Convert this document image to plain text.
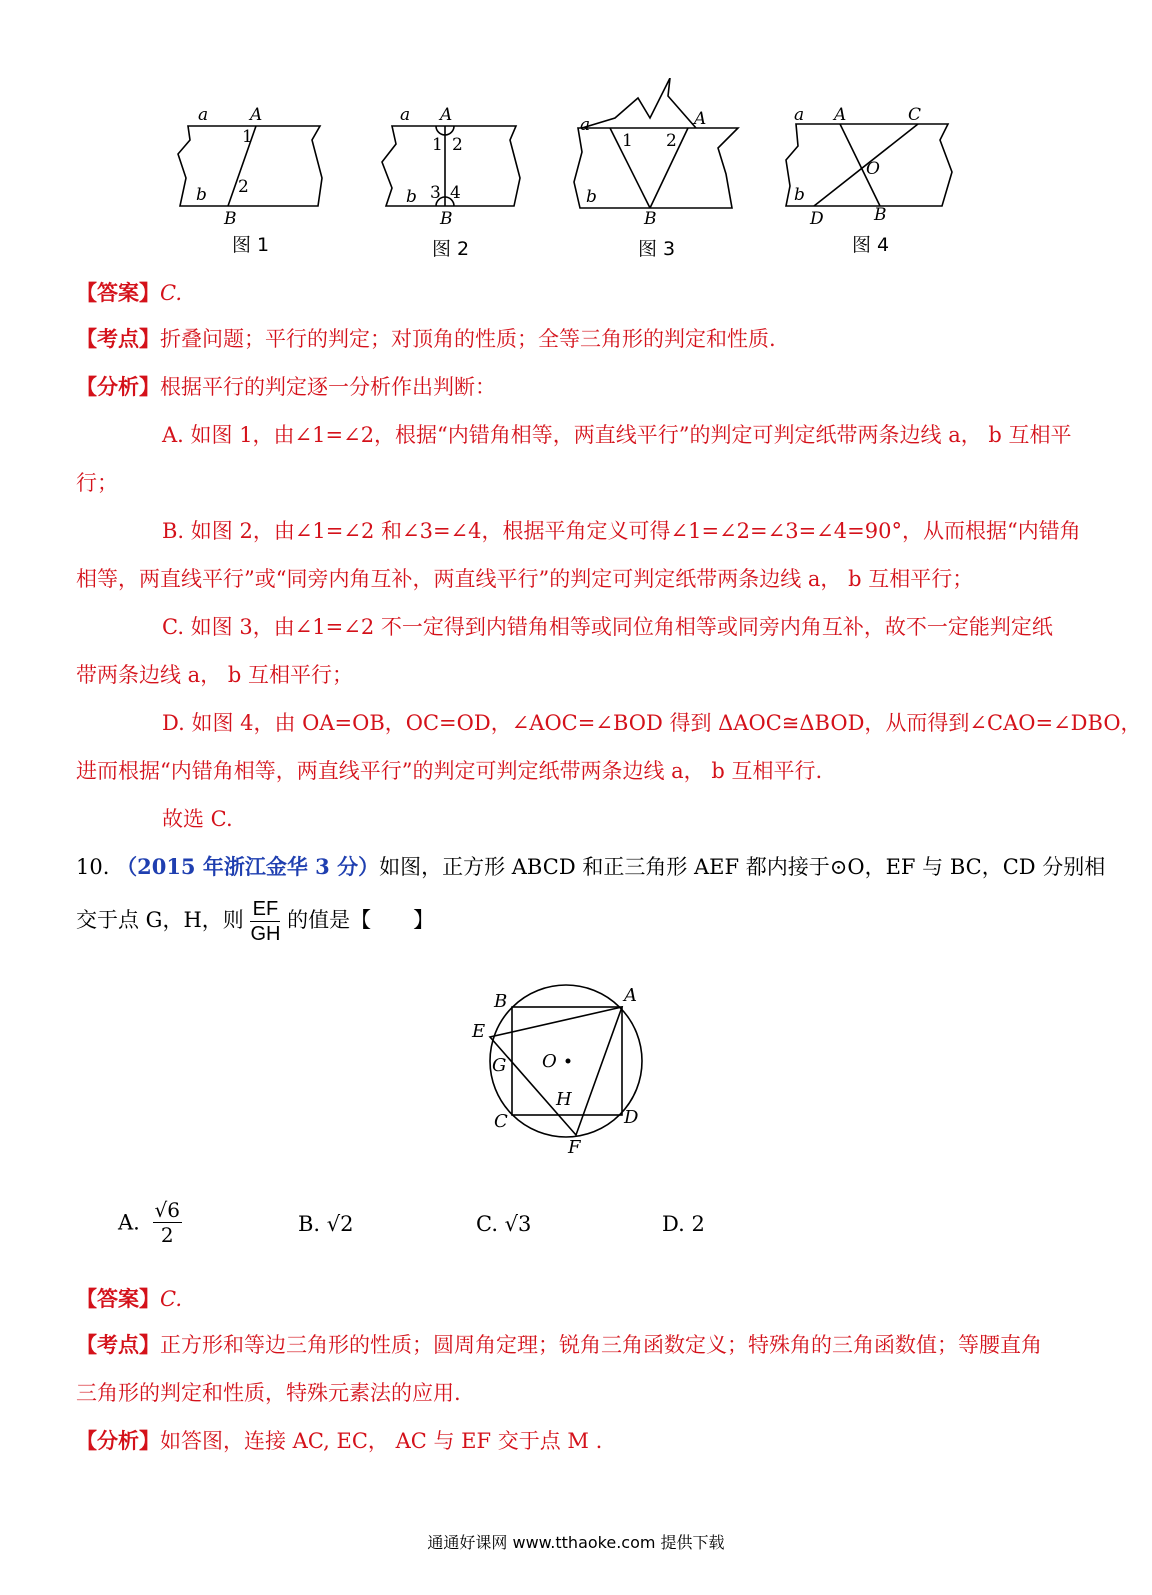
a A
1
b 2
B
a A
1 2
b 3 4
B
a
1 2
A
b
B
a A	C
O
b
D	B
图 1	图 2	图 3	图 4
【答案】C.
【考点】折叠问题；平行的判定；对顶角的性质；全等三角形的判定和性质.
【分析】根据平行的判定逐一分析作出判断：
A. 如图 1，由∠1=∠2，根据“内错角相等，两直线平行”的判定可判定纸带两条边线 a， b 互相平
行；
B. 如图 2，由∠1=∠2 和∠3=∠4，根据平角定义可得∠1=∠2=∠3=∠4=90°，从而根据“内错角
相等，两直线平行”或“同旁内角互补，两直线平行”的判定可判定纸带两条边线 a， b 互相平行；
C. 如图 3，由∠1=∠2 不一定得到内错角相等或同位角相等或同旁内角互补，故不一定能判定纸
带两条边线 a， b 互相平行；
D. 如图 4，由 OA=OB，OC=OD，∠AOC=∠BOD 得到 ΔAOC≅ΔBOD，从而得到∠CAO=∠DBO，
进而根据“内错角相等，两直线平行”的判定可判定纸带两条边线 a， b 互相平行.
故选 C.
10. （2015 年浙江金华 3 分）如图，正方形 ABCD 和正三角形 AEF 都内接于⊙O，EF 与 BC，CD 分别相
交于点 G，H，则 $\frac{EF}{GH}$ 的值是【　　】
B	A
E
G O
H
C	D
F
A. $\frac{√6}{2}$	B. √2	C. √3	D. 2
【答案】C.
【考点】正方形和等边三角形的性质；圆周角定理；锐角三角函数定义；特殊角的三角函数值；等腰直角
三角形的判定和性质，特殊元素法的应用.
【分析】如答图，连接 AC, EC， AC 与 EF 交于点 M .
通通好课网 www.tthaoke.com 提供下载
